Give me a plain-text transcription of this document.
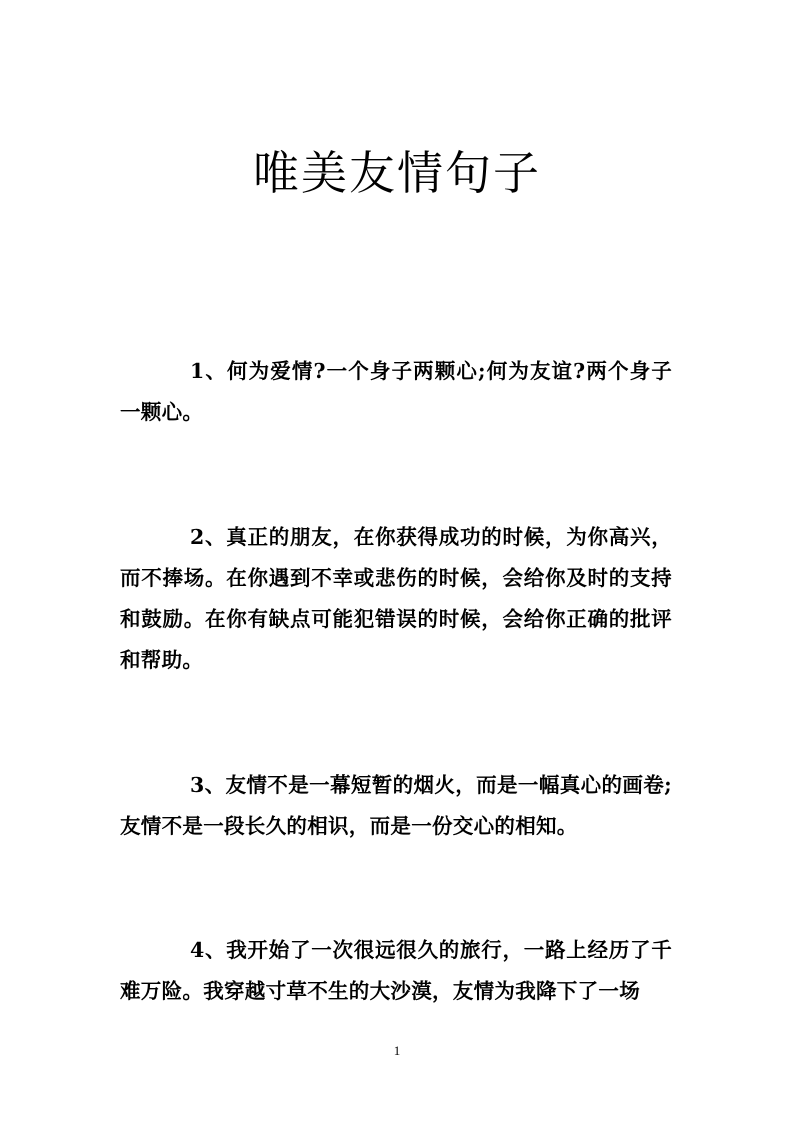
唯美友情句子

1、何为爱情?一个身子两颗心;何为友谊?两个身子一颗心。

2、真正的朋友，在你获得成功的时候，为你高兴，而不捧场。在你遇到不幸或悲伤的时候，会给你及时的支持和鼓励。在你有缺点可能犯错误的时候，会给你正确的批评和帮助。

3、友情不是一幕短暂的烟火，而是一幅真心的画卷; 友情不是一段长久的相识，而是一份交心的相知。

4、我开始了一次很远很久的旅行，一路上经历了千难万险。我穿越寸草不生的大沙漠，友情为我降下了一场

1
